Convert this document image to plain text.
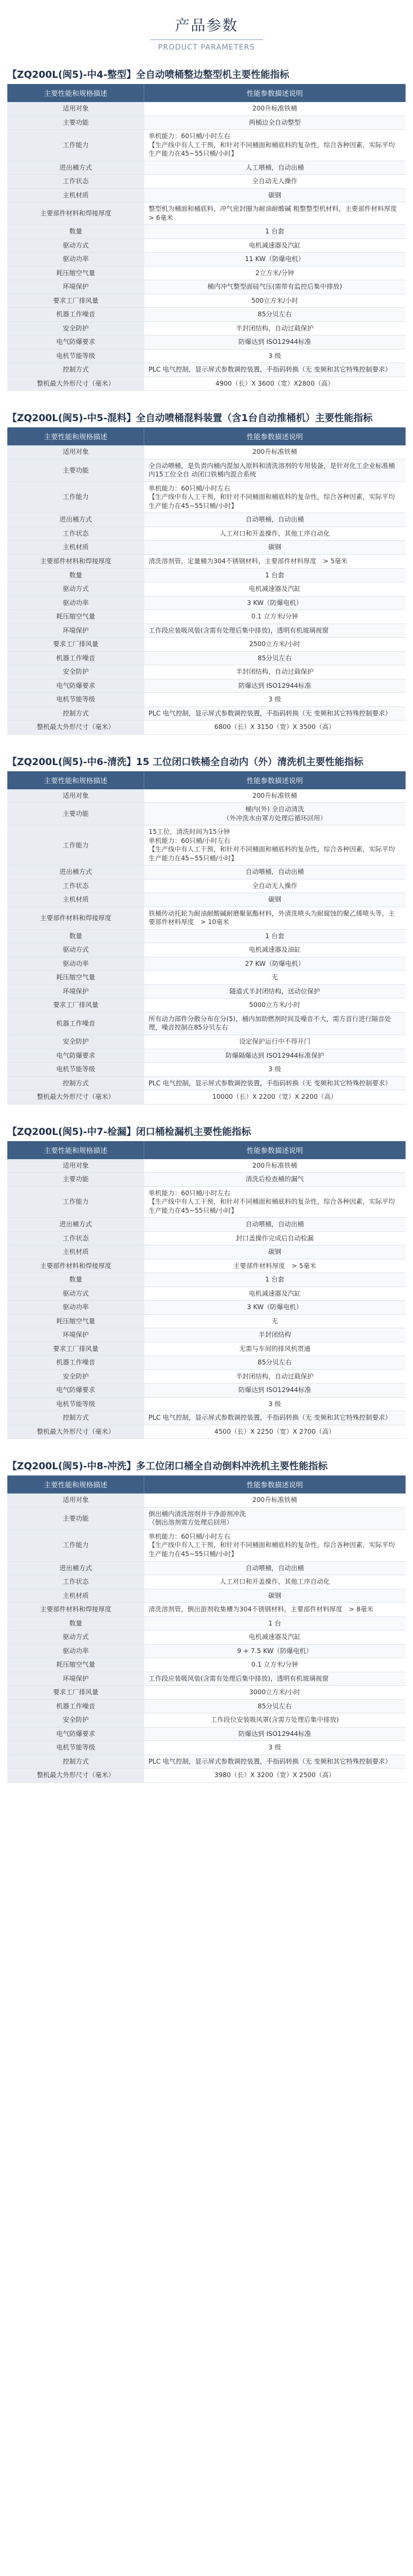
产品参数
PRODUCT PARAMETERS
【ZQ200L(闽5)-中4-整型】全自动喷桶整边整型机主要性能指标
主要性能和规格描述	性能参数描述说明
适用对象	200升标准铁桶
主要功能	两桶边全自动整型
工作能力	单机能力：60只桶/小时左右
【生产线中有人工干预，和针对不同桶面和桶底料的复杂性，综合各种因素，实际平均生产能力在45~55只桶/小时】
进出桶方式	人工喂桶，自动出桶
工作状态	全自动无人操作
主机材质	碳钢
主要部件材料和焊接厚度	整型机为桶面和桶底料，冲气密封圈为耐油耐酸碱 粗整整型机材料，主要部件材料厚度　> 6毫米
数量	1 台套
驱动方式	电机减速器及汽缸
驱动功率	11 KW（防爆电机）
耗压缩空气量	2立方米/分钟
环境保护	桶内冲气整型面硅气压(需带有监控后集中排放)
要求工厂排风量	500立方米/小时
机器工作噪音	85分贝左右
安全防护	半封闭结构，自动过载保护
电气防爆要求	防爆达到 ISO12944标准
电机节能等级	3 级
控制方式	PLC 电气控制，显示屏式参数调控装置，手指码转换（无 变频和其它特殊控制要求）
整机最大外形尺寸（毫米）	4900（长）X 3600（宽）X2800（高）
【ZQ200L(闽5)-中5-混料】全自动喷桶混料装置（含1台自动推桶机）主要性能指标
主要性能和规格描述	性能参数描述说明
适用对象	200升标准铁桶
主要功能	全自动喂桶，是负责内桶内混加入原料和清洗溶剂的专用装备，是针对化工企业标准桶内15工位全自 动闭口铁桶内混合系统
工作能力	单机能力：60只桶/小时左右
【生产线中有人工干预，和针对不同桶面和桶底料的复杂性，综合各种因素，实际平均生产能力在45~55只桶/小时】
进出桶方式	自动喂桶，自动出桶
工作状态	人工对口和开盖操作，其他工序自动化
主机材质	碳钢
主要部件材料和焊接厚度	清洗溶剂管，定量桶为304不锈钢材料，主要部件材料厚度　> 5毫米
数量	1 台套
驱动方式	电机减速器及汽缸
驱动功率	3 KW（防爆电机）
耗压缩空气量	0.1 立方米/分钟
环境保护	工作段应装吸风装(含需有处理后集中排放)，透明有机玻璃视窗
要求工厂排风量	2500立方米/小时
机器工作噪音	85分贝左右
安全防护	半封闭结构，自动过载保护
电气防爆要求	防爆达到 ISO12944标准
电机节能等级	3 级
控制方式	PLC 电气控制，显示屏式参数调控装置，手指码转换（无 变频和其它特殊控制要求）
整机最大外形尺寸（毫米）	6800（长）X 3150（宽）X 3500（高）
【ZQ200L(闽5)-中6-清洗】15 工位闭口铁桶全自动内（外）清洗机主要性能指标
主要性能和规格描述	性能参数描述说明
适用对象	200升标准铁桶
主要功能	桶内(外) 全自动清洗
（外冲洗水由罩方处理后循环回用）
工作能力	15工位，清洗时间为15分钟
单机能力：60只桶/小时左右
【生产线中有人工干预，和针对不同桶面和桶底料的复杂性，综合各种因素，实际平均生产能力在45~55只桶/小时】
进出桶方式	自动喂桶，自动出桶
工作状态	全自动无人操作
主机材质	碳钢
主要部件材料和焊接厚度	铁桶传动托轮为耐油耐酸碱耐磨聚氨酯材料，外清洗喷头为耐腐蚀的聚乙烯喷头等，主要部件材料厚度　> 10毫米
数量	1 台套
驱动方式	电机减速器及油缸
驱动功率	27 KW（防爆电机）
耗压缩空气量	无
环境保护	隧道式半封闭结构，送动位保护
要求工厂排风量	5000立方米/小时
机器工作噪音	所有动力部件分散分布在分(5)，桶内加助燃剂时间及噪音不大，需方首行进行隔音处理，噪音控制在85分贝左右
安全防护	设定保护运行中不得开门
电气防爆要求	防爆隔爆达到 ISO12944标准保护
电机节能等级	3 级
控制方式	PLC 电气控制，显示屏式参数调控装置，手指码转换（无 变频和其它特殊控制要求）
整机最大外形尺寸（毫米）	10000（长）X 2200（宽）X 2200（高）
【ZQ200L(闽5)-中7-检漏】闭口桶检漏机主要性能指标
主要性能和规格描述	性能参数描述说明
适用对象	200升标准铁桶
主要功能	清洗后检查桶的漏气
工作能力	单机能力：60只桶/小时左右
【生产线中有人工干预，和针对不同桶面和桶底料的复杂性，综合各种因素，实际平均生产能力在45~55只桶/小时】
进出桶方式	自动喂桶，自动出桶
工作状态	封口盖操作完成后自动检漏
主机材质	碳钢
主要部件材料和焊接厚度	主要部件材料厚度　> 5毫米
数量	1 台套
驱动方式	电机减速器及汽缸
驱动功率	3 KW（防爆电机）
耗压缩空气量	无
环境保护	半封闭结构
要求工厂排风量	无需与车间的排风机贯通
机器工作噪音	85分贝左右
安全防护	半封闭结构，自动过载保护
电气防爆要求	防爆达到 ISO12944标准
电机节能等级	3 级
控制方式	PLC 电气控制，显示屏式参数调控装置，手指码转换（无 变频和其它特殊控制要求）
整机最大外形尺寸（毫米）	4500（长）X 2250（宽）X 2700（高）
【ZQ200L(闽5)-中8-冲洗】多工位闭口桶全自动倒料冲洗机主要性能指标
主要性能和规格描述	性能参数描述说明
适用对象	200升标准铁桶
主要功能	倒出桶内清洗溶剂并干净游剂冲洗
（倒出溶剂需方处理后回用）
工作能力	单机能力：60只桶/小时左右
【生产线中有人工干预，和针对不同桶面和桶底料的复杂性，综合各种因素，实际平均生产能力在45~55只桶/小时】
进出桶方式	自动喂桶，自动出桶
工作状态	人工对口和开盖操作，其他工序自动化
主机材质	碳钢
主要部件材料和焊接厚度	清洗溶剂管，倒出游剂收集槽为304不锈钢材料，主要部件材料厚度　> 8毫米
数量	1 台
驱动方式	电机减速器及汽缸
驱动功率	9 + 7.5 KW（防爆电机）
耗压缩空气量	0.1 立方米/分钟
环境保护	工作段应装吸风装(含需有处理后集中排放)，透明有机玻璃视窗
要求工厂排风量	3000立方米/小时
机器工作噪音	85分贝左右
安全防护	工作段位安装吸风罩(含需方处理后集中排放)
电气防爆要求	防爆达到 ISO12944标准
电机节能等级	3 级
控制方式	PLC 电气控制，显示屏式参数调控装置，手指码转换（无 变频和其它特殊控制要求）
整机最大外形尺寸（毫米）	3980（长）X 3200（宽）X 2500（高）
